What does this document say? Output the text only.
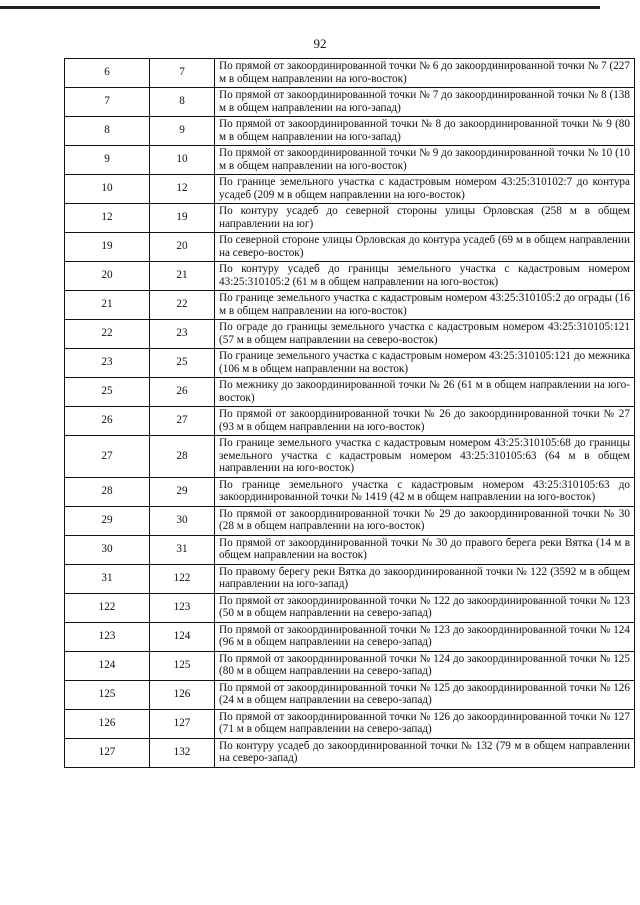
92
6	7	По прямой от закоординированной точки № 6 до закоординированной точки № 7 (227 м в общем направлении на юго-восток)
7	8	По прямой от закоординированной точки № 7 до закоординированной точки № 8 (138 м в общем направлении на юго-запад)
8	9	По прямой от закоординированной точки № 8 до закоординированной точки № 9 (80 м в общем направлении на юго-запад)
9	10	По прямой от закоординированной точки № 9 до закоординированной точки № 10 (10 м в общем направлении на юго-восток)
10	12	По границе земельного участка с кадастровым номером 43:25:310102:7 до контура усадеб (209 м в общем направлении на юго-восток)
12	19	По контуру усадеб до северной стороны улицы Орловская (258 м в общем направлении на юг)
19	20	По северной стороне улицы Орловская до контура усадеб (69 м в общем направлении на северо-восток)
20	21	По контуру усадеб до границы земельного участка с кадастровым номером 43:25:310105:2 (61 м в общем направлении на юго-восток)
21	22	По границе земельного участка с кадастровым номером 43:25:310105:2 до ограды (16 м в общем направлении на юго-восток)
22	23	По ограде до границы земельного участка с кадастровым номером 43:25:310105:121 (57 м в общем направлении на северо-восток)
23	25	По границе земельного участка с кадастровым номером 43:25:310105:121 до межника (106 м в общем направлении на восток)
25	26	По межнику до закоординированной точки № 26 (61 м в общем направлении на юго-восток)
26	27	По прямой от закоординированной точки № 26 до закоординированной точки № 27 (93 м в общем направлении на юго-восток)
27	28	По границе земельного участка с кадастровым номером 43:25:310105:68 до границы земельного участка с кадастровым номером 43:25:310105:63 (64 м в общем направлении на юго-восток)
28	29	По границе земельного участка с кадастровым номером 43:25:310105:63 до закоординированной точки № 1419 (42 м в общем направлении на юго-восток)
29	30	По прямой от закоординированной точки № 29 до закоординированной точки № 30 (28 м в общем направлении на юго-восток)
30	31	По прямой от закоординированной точки № 30 до правого берега реки Вятка (14 м в общем направлении на восток)
31	122	По правому берегу реки Вятка до закоординированной точки № 122 (3592 м в общем направлении на юго-запад)
122	123	По прямой от закоординированной точки № 122 до закоординированной точки № 123 (50 м в общем направлении на северо-запад)
123	124	По прямой от закоординированной точки № 123 до закоординированной точки № 124 (96 м в общем направлении на северо-запад)
124	125	По прямой от закоординированной точки № 124 до закоординированной точки № 125 (80 м в общем направлении на северо-запад)
125	126	По прямой от закоординированной точки № 125 до закоординированной точки № 126 (24 м в общем направлении на северо-запад)
126	127	По прямой от закоординированной точки № 126 до закоординированной точки № 127 (71 м в общем направлении на северо-запад)
127	132	По контуру усадеб до закоординированной точки № 132 (79 м в общем направлении на северо-запад)
